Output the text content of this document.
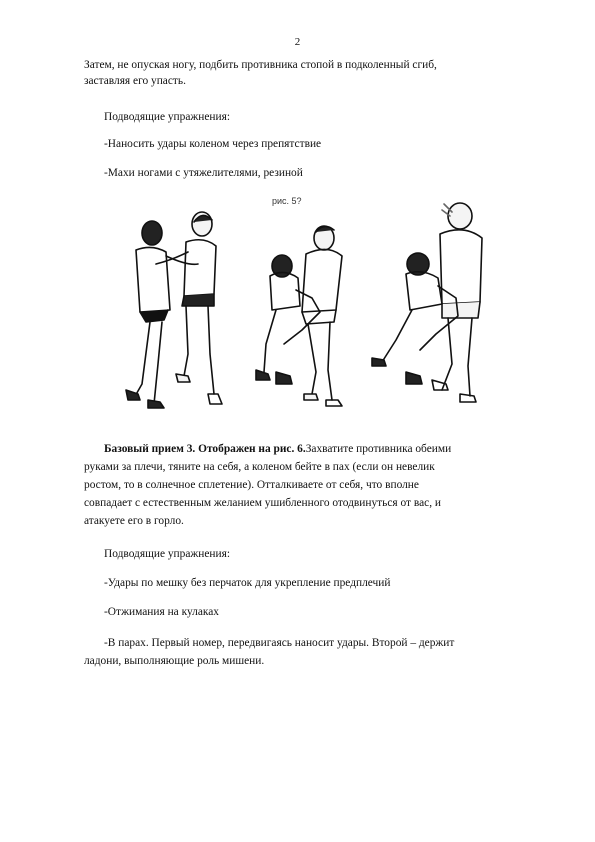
2
Затем, не опуская ногу, подбить противника стопой в подколенный сгиб,
заставляя его упасть.
Подводящие упражнения:
-Наносить удары коленом через препятствие
-Махи ногами с утяжелителями, резиной
рис. 5?
Базовый прием 3. Отображен на рис. 6.Захватите противника обеими
руками за плечи, тяните на себя, а коленом бейте в пах (если он невелик
ростом, то в солнечное сплетение). Отталкиваете от себя, что вполне
совпадает с естественным желанием ушибленного отодвинуться от вас, и
атакуете его в горло.
Подводящие упражнения:
-Удары по мешку без перчаток для укрепление предплечий
-Отжимания на кулаках
-В парах. Первый номер, передвигаясь наносит удары. Второй – держит
ладони, выполняющие роль мишени.
